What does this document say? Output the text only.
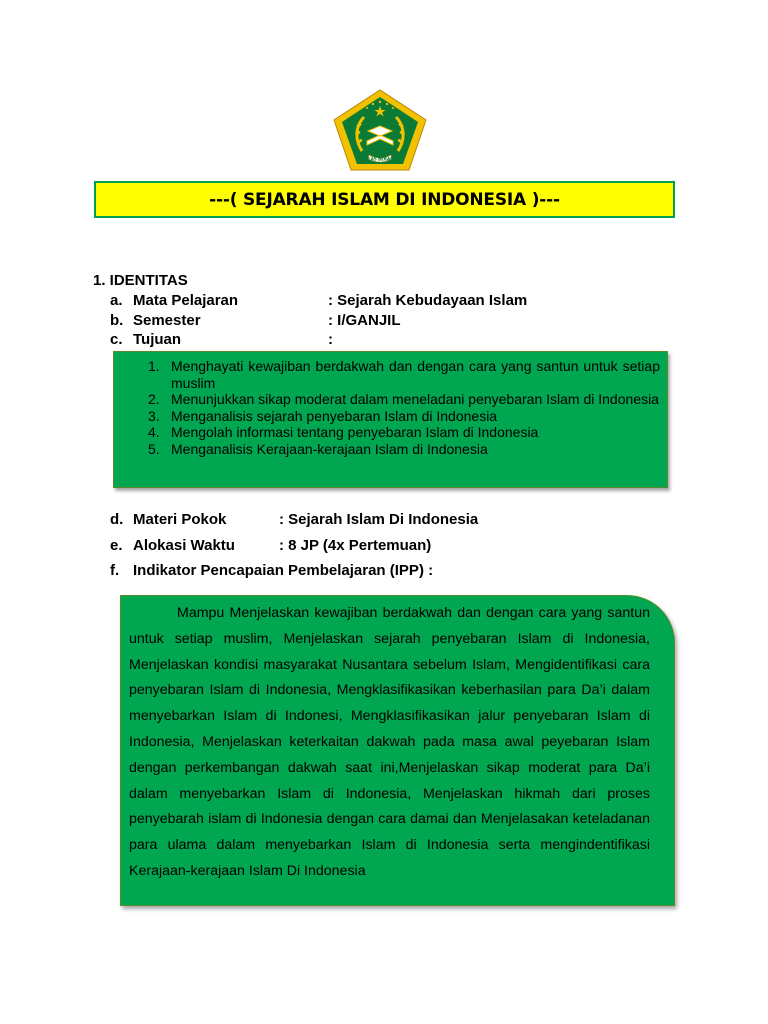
IKHLAS BERAMAL
---( SEJARAH ISLAM DI INDONESIA )---
1. IDENTITAS
a. Mata Pelajaran	: Sejarah Kebudayaan Islam
b. Semester	: I/GANJIL
c. Tujuan	:
1. Menghayati kewajiban berdakwah dan dengan cara yang santun untuk setiap muslim
2. Menunjukkan sikap moderat dalam meneladani penyebaran Islam di Indonesia
3. Menganalisis sejarah penyebaran Islam di Indonesia
4. Mengolah informasi tentang penyebaran Islam di Indonesia
5. Menganalisis Kerajaan-kerajaan Islam di Indonesia
d. Materi Pokok	: Sejarah Islam Di Indonesia
e. Alokasi Waktu	: 8 JP (4x Pertemuan)
f. Indikator Pencapaian Pembelajaran (IPP) :

Mampu Menjelaskan kewajiban berdakwah dan dengan cara yang santun untuk setiap muslim, Menjelaskan sejarah penyebaran Islam di Indonesia, Menjelaskan kondisi masyarakat Nusantara sebelum Islam, Mengidentifikasi cara penyebaran Islam di Indonesia, Mengklasifikasikan keberhasilan para Da’i dalam menyebarkan Islam di Indonesi, Mengklasifikasikan jalur penyebaran Islam di Indonesia, Menjelaskan keterkaitan dakwah pada masa awal peyebaran Islam dengan perkembangan dakwah saat ini,Menjelaskan sikap moderat para Da’i dalam menyebarkan Islam di Indonesia, Menjelaskan hikmah dari proses penyebarah islam di Indonesia dengan cara damai dan Menjelasakan keteladanan para ulama dalam menyebarkan Islam di Indonesia serta mengindentifikasi Kerajaan-kerajaan Islam Di Indonesia
